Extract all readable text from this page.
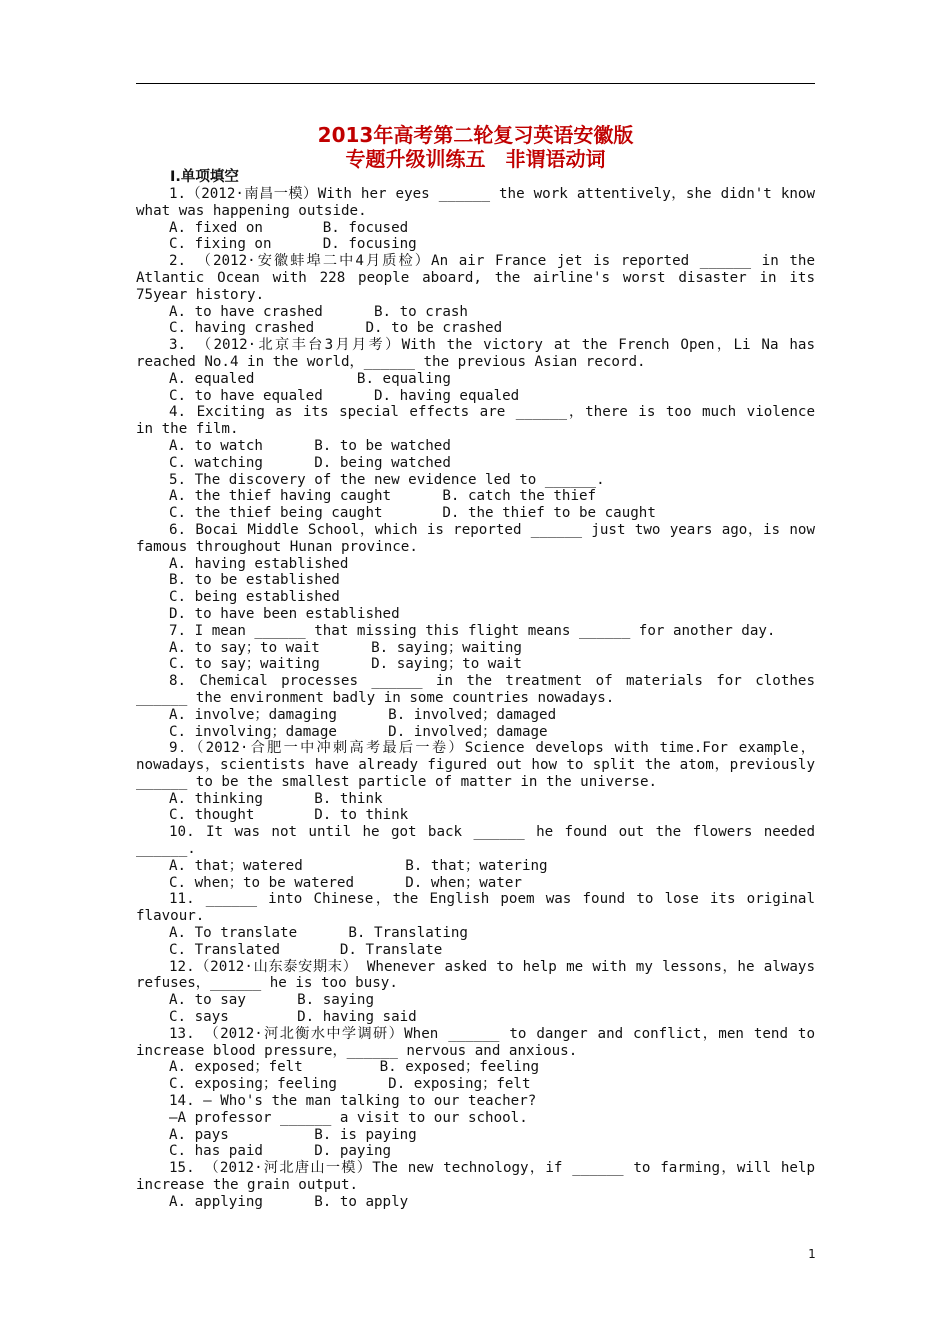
2013年高考第二轮复习英语安徽版
专题升级训练五　非谓语动词
Ⅰ.单项填空
1.（2012·南昌一模）With her eyes ______ the work attentively，she didn't know what was happening outside.
A. fixed on       B. focused
C. fixing on      D. focusing
2. （2012·安徽蚌埠二中4月质检）An air France jet is reported ______ in the Atlantic Ocean with 228 people aboard, the airline's worst disaster in its 75year history.
A. to have crashed      B. to crash
C. having crashed      D. to be crashed
3. （2012·北京丰台3月月考）With the victory at the French Open，Li Na has reached No.4 in the world，______ the previous Asian record.
A. equaled            B. equaling
C. to have equaled      D. having equaled
4. Exciting as its special effects are ______，there is too much violence in the film.
A. to watch      B. to be watched
C. watching      D. being watched
5. The discovery of the new evidence led to ______.
A. the thief having caught      B. catch the thief
C. the thief being caught       D. the thief to be caught
6. Bocai Middle School，which is reported ______ just two years ago，is now famous throughout Hunan province.
A. having established
B. to be established
C. being established
D. to have been established
7. I mean ______ that missing this flight means ______ for another day.
A. to say；to wait      B. saying；waiting
C. to say；waiting      D. saying；to wait
8. Chemical processes ______ in the treatment of materials for clothes ______ the environment badly in some countries nowadays.
A. involve；damaging      B. involved；damaged
C. involving；damage      D. involved；damage
9．（2012·合肥一中冲刺高考最后一卷）Science develops with time.For example，nowadays，scientists have already figured out how to split the atom，previously ______ to be the smallest particle of matter in the universe.
A. thinking      B. think
C. thought       D. to think
10. It was not until he got back ______ he found out the flowers needed ______.
A. that；watered            B. that；watering
C. when；to be watered      D. when；water
11. ______ into Chinese，the English poem was found to lose its original flavour.
A. To translate      B. Translating
C. Translated       D. Translate
12.（2012·山东泰安期末） Whenever asked to help me with my lessons，he always refuses，______ he is too busy.
A. to say      B. saying
C. says        D. having said
13. （2012·河北衡水中学调研）When ______ to danger and conflict，men tend to increase blood pressure，______ nervous and anxious.
A. exposed；felt         B. exposed；feeling
C. exposing；feeling      D. exposing；felt
14. — Who's the man talking to our teacher?
—A professor ______ a visit to our school.
A. pays          B. is paying
C. has paid      D. paying
15. （2012·河北唐山一模）The new technology，if ______ to farming，will help increase the grain output.
A. applying      B. to apply
1
